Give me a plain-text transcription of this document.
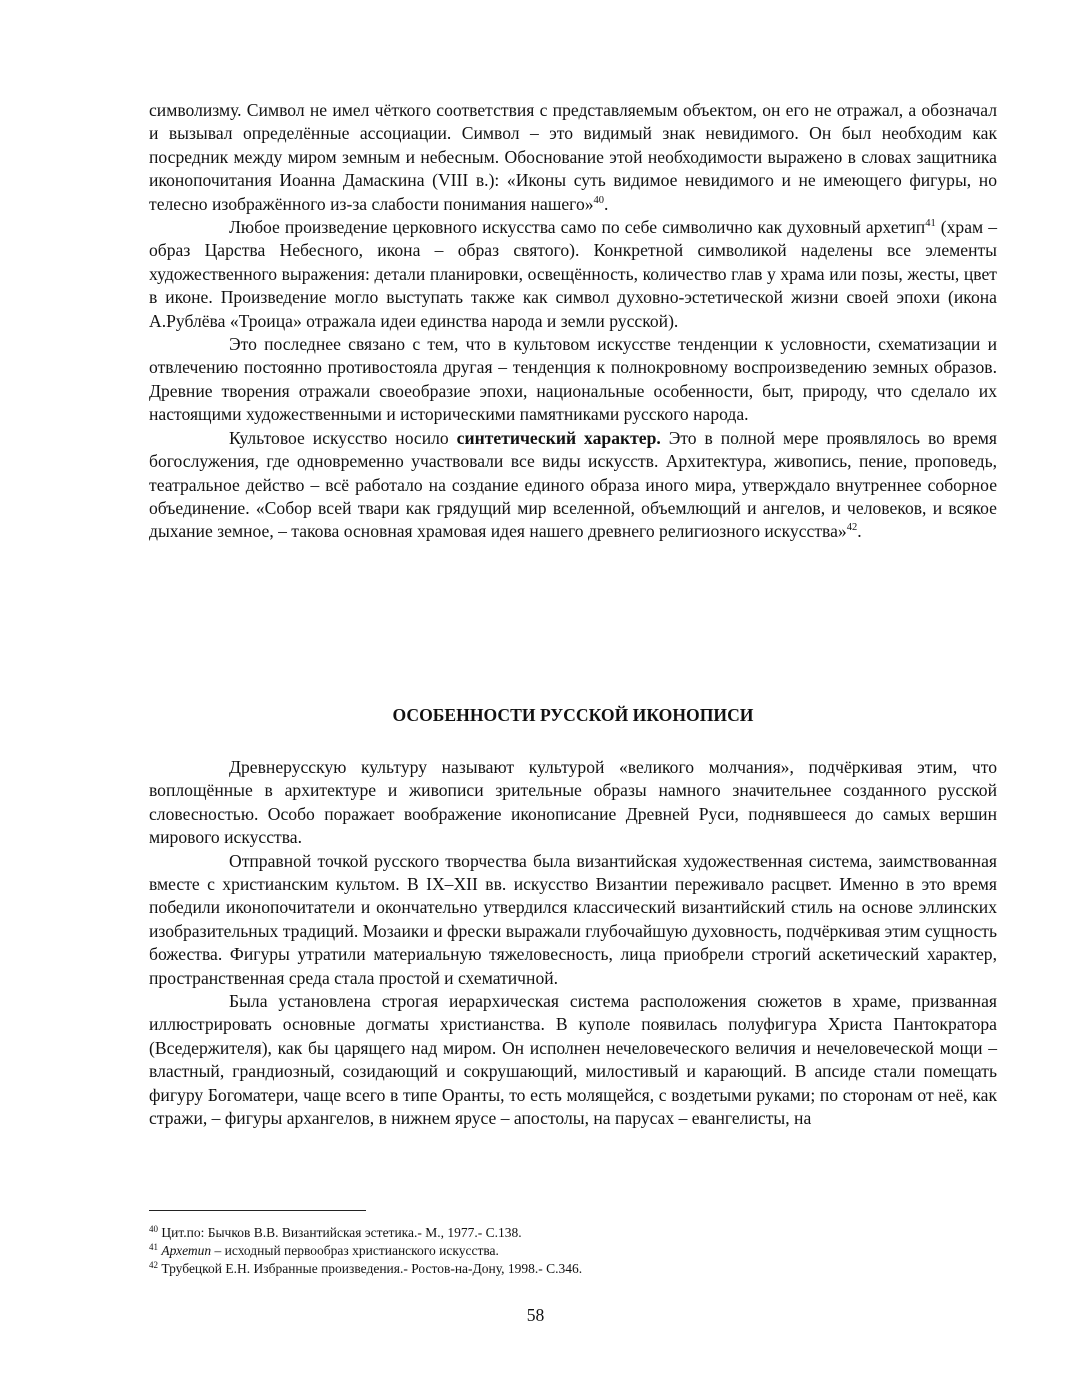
символизму. Символ не имел чёткого соответствия с представляемым объектом, он его не отражал, а обозначал и вызывал определённые ассоциации. Символ – это видимый знак невидимого. Он был необходим как посредник между миром земным и небесным. Обоснование этой необходимости выражено в словах защитника иконопочитания Иоанна Дамаскина (VIII в.): «Иконы суть видимое невидимого и не имеющего фигуры, но телесно изображённого из-за слабости понимания нашего»$^{40}$.

Любое произведение церковного искусства само по себе символично как духовный архетип$^{41}$ (храм – образ Царства Небесного, икона – образ святого). Конкретной символикой наделены все элементы художественного выражения: детали планировки, освещённость, количество глав у храма или позы, жесты, цвет в иконе. Произведение могло выступать также как символ духовно-эстетической жизни своей эпохи (икона А.Рублёва «Троица» отражала идеи единства народа и земли русской).

Это последнее связано с тем, что в культовом искусстве тенденции к условности, схематизации и отвлечению постоянно противостояла другая – тенденция к полнокровному воспроизведению земных образов. Древние творения отражали своеобразие эпохи, национальные особенности, быт, природу, что сделало их настоящими художественными и историческими памятниками русского народа.

Культовое искусство носило синтетический характер. Это в полной мере проявлялось во время богослужения, где одновременно участвовали все виды искусств. Архитектура, живопись, пение, проповедь, театральное действо – всё работало на создание единого образа иного мира, утверждало внутреннее соборное объединение. «Собор всей твари как грядущий мир вселенной, объемлющий и ангелов, и человеков, и всякое дыхание земное, – такова основная храмовая идея нашего древнего религиозного искусства»$^{42}$.

ОСОБЕННОСТИ РУССКОЙ ИКОНОПИСИ

Древнерусскую культуру называют культурой «великого молчания», подчёркивая этим, что воплощённые в архитектуре и живописи зрительные образы намного значительнее созданного русской словесностью. Особо поражает воображение иконописание Древней Руси, поднявшееся до самых вершин мирового искусства.

Отправной точкой русского творчества была византийская художественная система, заимствованная вместе с христианским культом. В IX–XII вв. искусство Византии переживало расцвет. Именно в это время победили иконопочитатели и окончательно утвердился классический византийский стиль на основе эллинских изобразительных традиций. Мозаики и фрески выражали глубочайшую духовность, подчёркивая этим сущность божества. Фигуры утратили материальную тяжеловесность, лица приобрели строгий аскетический характер, пространственная среда стала простой и схематичной.

Была установлена строгая иерархическая система расположения сюжетов в храме, призванная иллюстрировать основные догматы христианства. В куполе появилась полуфигура Христа Пантократора (Вседержителя), как бы царящего над миром. Он исполнен нечеловеческого величия и нечеловеческой мощи – властный, грандиозный, созидающий и сокрушающий, милостивый и карающий. В апсиде стали помещать фигуру Богоматери, чаще всего в типе Оранты, то есть молящейся, с воздетыми руками; по сторонам от неё, как стражи, – фигуры архангелов, в нижнем ярусе – апостолы, на парусах – евангелисты, на

$^{40}$ Цит.по: Бычков В.В. Византийская эстетика.- М., 1977.- С.138.
$^{41}$ Архетип – исходный первообраз христианского искусства.
$^{42}$ Трубецкой Е.Н. Избранные произведения.- Ростов-на-Дону, 1998.- С.346.
58
